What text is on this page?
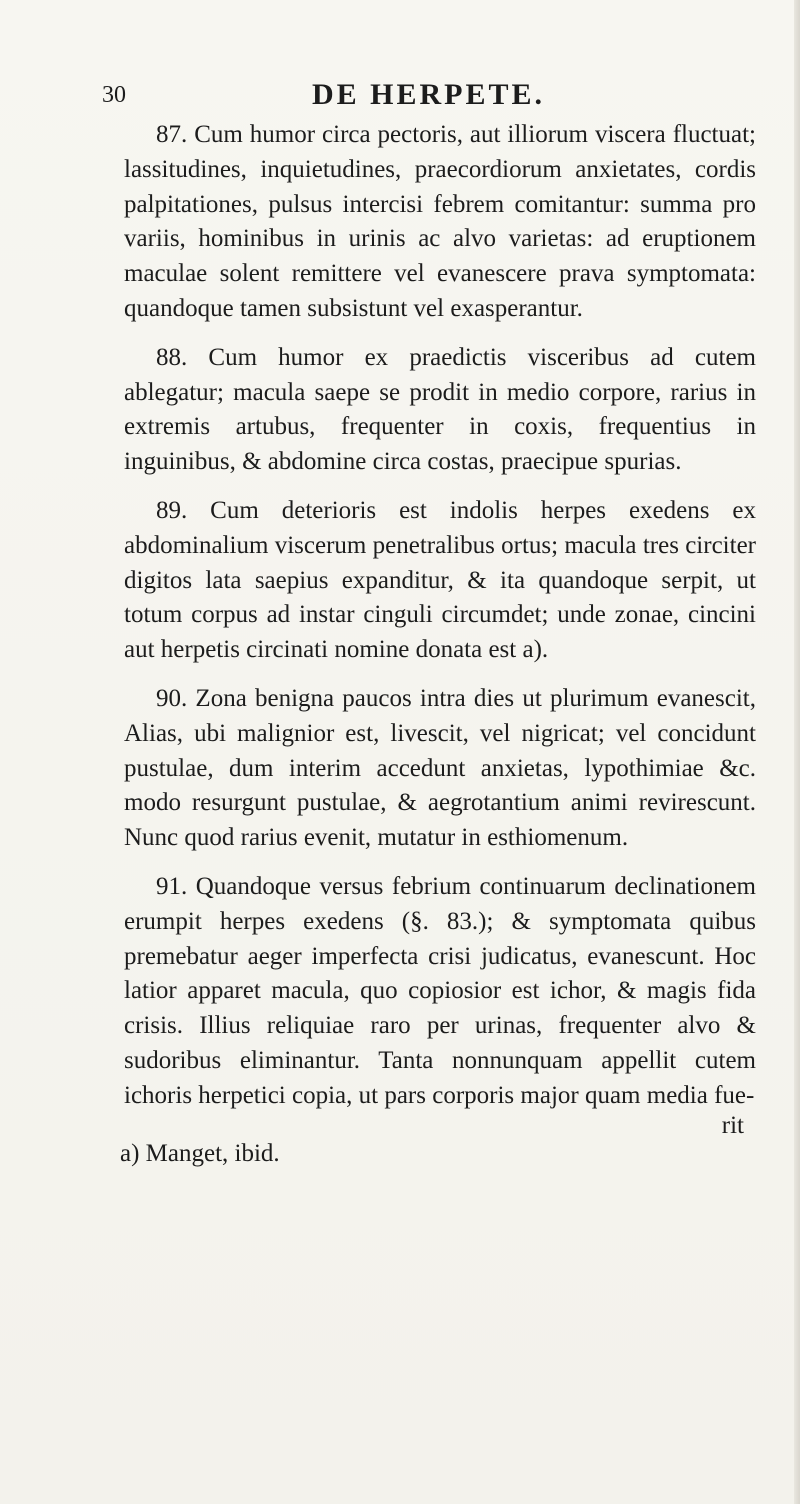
30	DE HERPETE.

87. Cum humor circa pectoris, aut illiorum viscera fluctuat; lassitudines, inquietudines, praecordiorum anxietates, cordis palpitationes, pulsus intercisi febrem comitantur: summa pro variis, hominibus in urinis ac alvo varietas: ad eruptionem maculae solent remittere vel evanescere prava symptomata: quandoque tamen subsistunt vel exasperantur.

88. Cum humor ex praedictis visceribus ad cutem ablegatur; macula saepe se prodit in medio corpore, rarius in extremis artubus, frequenter in coxis, frequentius in inguinibus, & abdomine circa costas, praecipue spurias.

89. Cum deterioris est indolis herpes exedens ex abdominalium viscerum penetralibus ortus; macula tres circiter digitos lata saepius expanditur, & ita quandoque serpit, ut totum corpus ad instar cinguli circumdet; unde zonae, cincini aut herpetis circinati nomine donata est a).

90. Zona benigna paucos intra dies ut plurimum evanescit, Alias, ubi malignior est, livescit, vel nigricat; vel concidunt pustulae, dum interim accedunt anxietas, lypothimiae &c. modo resurgunt pustulae, & aegrotantium animi revirescunt. Nunc quod rarius evenit, mutatur in esthiomenum.

91. Quandoque versus febrium continuarum declinationem erumpit herpes exedens (§. 83.); & symptomata quibus premebatur aeger imperfecta crisi judicatus, evanescunt. Hoc latior apparet macula, quo copiosior est ichor, & magis fida crisis. Illius reliquiae raro per urinas, frequenter alvo & sudoribus eliminantur. Tanta nonnunquam appellit cutem ichoris herpetici copia, ut pars corporis major quam media fue-

rit
a) Manget, ibid.
